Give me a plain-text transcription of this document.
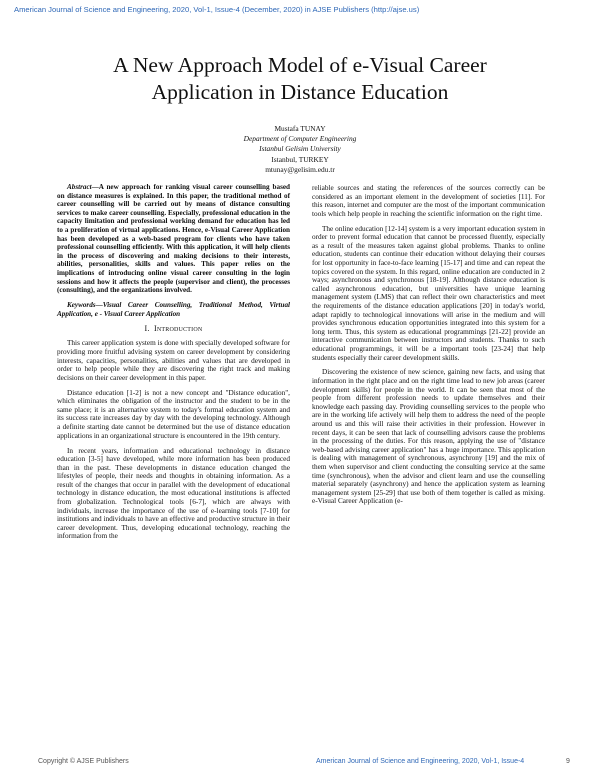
American Journal of Science and Engineering, 2020, Vol-1, Issue-4 (December, 2020) in AJSE Publishers (http://ajse.us)
A New Approach Model of e-Visual Career
Application in Distance Education
Mustafa TUNAY
Department of Computer Engineering
Istanbul Gelisim University
Istanbul, TURKEY
mtunay@gelisim.edu.tr

Abstract—A new approach for ranking visual career counselling based on distance measures is explained. In this paper, the traditional method of career counselling will be carried out by means of distance consulting services to make career counselling. Especially, professional education in the capacity limitation and professional working demand for education has led to a proliferation of virtual applications. Hence, e-Visual Career Application has been developed as a web-based program for clients who have taken professional counselling efficiently. With this application, it will help clients in the process of discovering and making decisions to their interests, abilities, personalities, skills and values. This paper relies on the implications of introducing online visual career consulting in the login sessions and how it affects the people (supervisor and client), the processes (consulting), and the organizations involved.

Keywords—Visual Career Counselling, Traditional Method, Virtual Application, e - Visual Career Application

I. Introduction

This career application system is done with specially developed software for providing more fruitful advising system on career development by considering interests, capacities, personalities, abilities and values that are developed in order to help people while they are discovering the right track and making decisions on their career development in this paper.

Distance education [1-2] is not a new concept and "Distance education", which eliminates the obligation of the instructor and the student to be in the same place; it is an alternative system to today's formal education system and its success rate increases day by day with the developing technology. Although a definite starting date cannot be determined but the use of distance education applications in an organizational structure is encountered in the 19th century.

In recent years, information and educational technology in distance education [3-5] have developed, while more information has been produced than in the past. These developments in distance education changed the lifestyles of people, their needs and thoughts in obtaining information. As a result of the changes that occur in parallel with the development of educational technology in distance education, the most educational institutions is affected from globalization. Technological tools [6-7], which are always with individuals, increase the importance of the use of e-learning tools [7-10] for institutions and individuals to have an effective and productive structure in their career development. Thus, developing educational technology, reaching the information from the

reliable sources and stating the references of the sources correctly can be considered as an important element in the development of societies [11]. For this reason, internet and computer are the most of the important communication tools which help people in reaching the scientific information on the right time.

The online education [12-14] system is a very important education system in order to prevent formal education that cannot be processed fluently, especially as a result of the measures taken against global problems. Thanks to online education, students can continue their education without delaying their courses for lost opportunity in face-to-face learning [15-17] and time and can repeat the topics covered on the system. In this regard, online education are conducted in 2 ways; asynchronous and synchronous [18-19]. Although distance education is called asynchronous education, but universities have unique learning management system (LMS) that can reflect their own characteristics and meet the requirements of the distance education applications [20] in today's world, adapt rapidly to technological innovations will arise in the medium and will provides synchronous education opportunities integrated into this system for a long term. Thus, this system as educational programmings [21-22] provide an interactive communication between instructors and students. Thanks to such educational programmings, it will be a important tools [23-24] that help students especially their career development skills.

Discovering the existence of new science, gaining new facts, and using that information in the right place and on the right time lead to new job areas (career development skills) for people in the world. It can be seen that most of the people from different profession needs to update themselves and their knowledge each passing day. Providing counselling services to the people who are in the working life actively will help them to address the need of the people around us and this will raise their activities in their profession. However in recent days, it can be seen that lack of counselling advisors cause the problems in the processing of the duties. For this reason, applying the use of "distance web-based advising career application" has a huge importance. This application is dealing with management of synchronous, asynchrony [19] and the mix of them when supervisor and client conducting the consulting service at the same time (synchronous), when the advisor and client learn and use the counselling material separately (asynchrony) and hence the application system as learning management system [25-29] that use both of them together is called as mixing. e-Visual Career Application (e-

Copyright © AJSE Publishers	American Journal of Science and Engineering, 2020, Vol-1, Issue-4	9
